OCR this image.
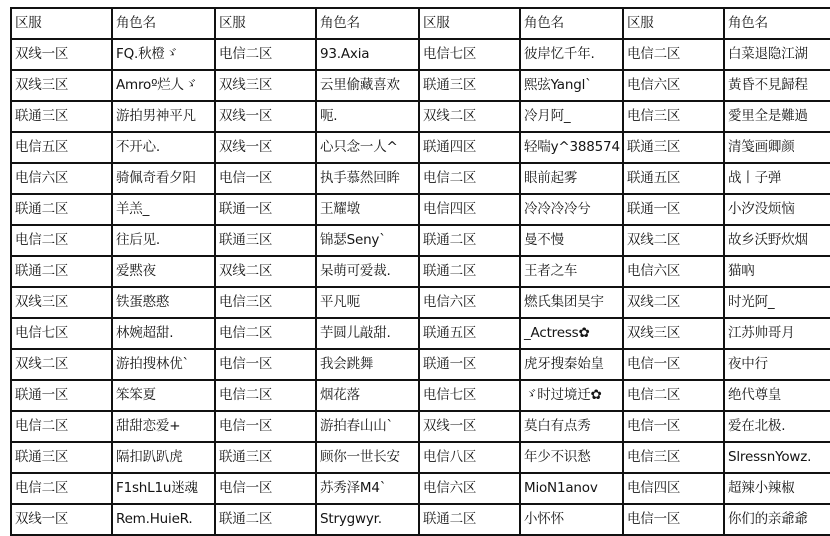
区服	角色名	区服	角色名	区服	角色名	区服	角色名
双线一区	FQ.秋橙ゞ	电信二区	93.Axia	电信七区	彼岸忆千年.	电信二区	白菜退隐江湖
双线三区	Amroº烂人ゞ	双线三区	云里偷藏喜欢	联通三区	熙弦Yangl`	电信六区	黃昏不見歸程
联通三区	游拍男神平凡	双线一区	呃.	双线二区	冷月阿_	电信三区	愛里全是難過
电信五区	不开心.	双线一区	心只念一人^	联通四区	轻喘y^388574	联通三区	清笺画卿颜
电信六区	骑佩奇看夕阳	电信一区	执手慕然回眸	电信二区	眼前起雾	联通五区	战丨子弹
联通二区	羊羔_	联通一区	王耀墩	电信四区	冷冷冷冷兮	联通一区	小汐没烦恼
电信二区	往后见.	联通三区	锦瑟Seny`	联通二区	曼不慢	双线二区	故乡沃野炊烟
联通二区	爱黙夜	双线二区	呆萌可爱裁.	联通二区	王者之车	电信六区	猫吶
双线三区	铁蛋憨憨	电信三区	平凡呃	电信六区	燃氏集团昊宇	双线二区	时光阿_
电信七区	林婉超甜.	电信二区	芋圆儿敲甜.	联通五区	_Actress✿	双线三区	江苏帅哥月
双线二区	游拍搜林优`	电信一区	我会跳舞	联通一区	虎牙搜秦始皇	电信一区	夜中行
联通一区	笨笨夏	电信二区	烟花落	电信七区	ゞ时过境迁✿	电信二区	绝代尊皇
电信二区	甜甜恋爱+	电信一区	游拍春山山`	双线一区	莫白有点秀	电信一区	爱在北极.
联通三区	隔扣趴趴虎	联通三区	顾你一世长安	电信八区	年少不识愁	电信三区	SlressnYowz.
电信二区	F1shL1u迷魂	电信一区	苏秀泽M4`	电信六区	MioN1anov	电信四区	超辣小辣椒
双线一区	Rem.HuieR.	联通二区	Strygwyr.	联通二区	小怀怀	电信一区	你们的亲爺爺
